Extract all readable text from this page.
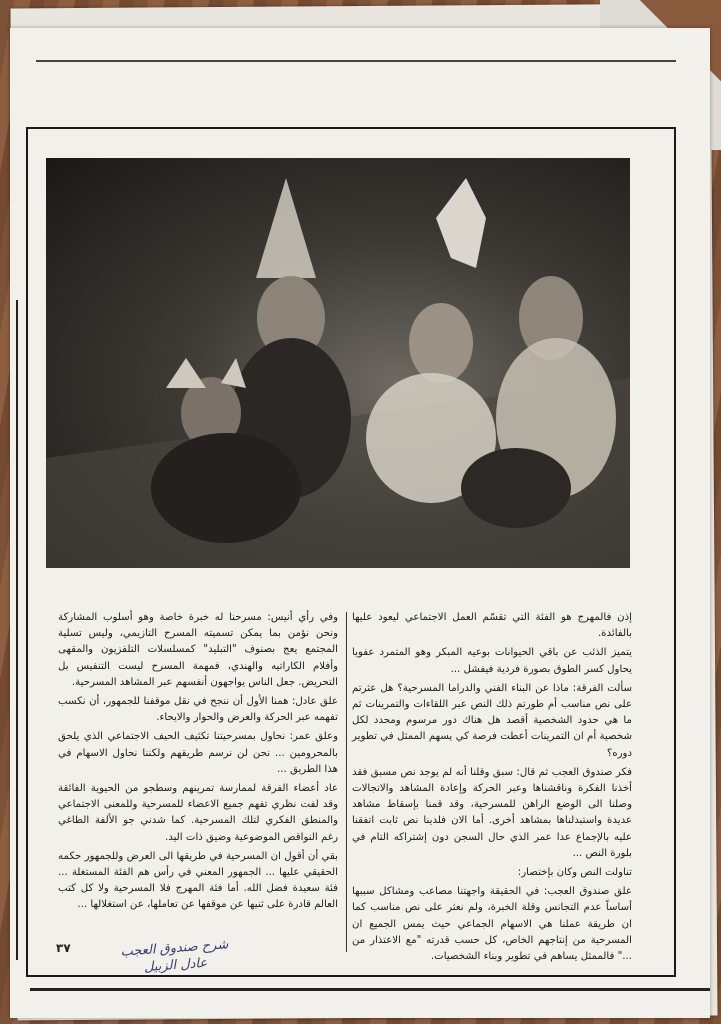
إذن فالمهرج هو الفئة التي تقسّم العمل الاجتماعي ليعود عليها بالفائدة.

يتميز الذئب عن باقي الحيوانات بوعيه المبكر وهو المتمرد عفويا يحاول كسر الطوق بصورة فردية فيفشل ...

سألت الفرقة: ماذا عن البناء الفني والدراما المسرحية؟ هل عثرتم على نص مناسب أم طورتم ذلك النص عبر اللقاءات والتمرينات ثم ما هي حدود الشخصية أقصد هل هناك دور مرسوم ومحدد لكل شخصية أم ان التمرينات أعطت فرصة كي يسهم الممثل في تطوير دوره؟

فكر صندوق العجب ثم قال: سبق وقلنا أنه لم يوجد نص مسبق فقد أخذنا الفكرة وناقشناها وعبر الحركة وإعادة المشاهد والاتجالات وصلنا الى الوضع الراهن للمسرحية، وقد قمنا بإسقاط مشاهد عديدة واستبدلناها بمشاهد أخرى. أما الان فلدينا نص ثابت اتفقنا عليه بالإجماع عدا عمر الذي حال السجن دون إشتراكه التام في بلورة النص ...

تناولت النص وكان بإختصار:

علق صندوق العجب: في الحقيقة واجهتنا مصاعب ومشاكل سببها أساساً عدم التجانس وقلة الخبرة، ولم نعثر على نص مناسب كما ان طريقة عملنا هي الاسهام الجماعي حيث يمس الجميع ان المسرحية من إنتاجهم الخاص، كل حسب قدرته "مع الاعتذار من ..." فالممثل يساهم في تطوير وبناء الشخصيات.

وفي رأي أنيس: مسرحنا له خبرة خاصة وهو أسلوب المشاركة ونحن نؤمن بما يمكن تسميته المسرح التازيمي، وليس تسلية المجتمع يعج بصنوف "التبليد" كمسلسلات التلفزيون والمقهى وأفلام الكاراتيه والهندي، فمهمة المسرح ليست التنفيس بل التحريض. جعل الناس يواجهون أنفسهم عبر المشاهد المسرحية.

علق عادل: همنا الأول أن ننجح في نقل موقفنا للجمهور، أن نكسب تفهمه عبر الحركة والعرض والحوار والايحاء.

وعلق عمر: نحاول بمسرحيتنا تكثيف الحيف الاجتماعي الذي يلحق بالمحرومين ... نحن لن نرسم طريقهم ولكننا نحاول الاسهام في هذا الطريق ...

عاد أعضاء الفرقة لممارسة تمرينهم وسطجو من الحيوية الفائقة وقد لفت نظري تفهم جميع الاعضاء للمسرحية وللمعنى الاجتماعي والمنطق الفكري لتلك المسرحية. كما شدني جو الألفة الطاغي رغم النواقص الموضوعية وضيق ذات اليد.

بقي أن أقول ان المسرحية في طريقها الى العرض وللجمهور حكمه الحقيقي عليها ... الجمهور المعني في رأس هم الفئة المستغلة ... فئة سعيدة فضل الله. أما فئة المهرج فلا المسرحية ولا كل كتب العالم قادرة على ثنيها عن موقفها عن تعاملها، عن استغلالها ...

٣٧	شرح صندوق العجب
عادل الزبيل
